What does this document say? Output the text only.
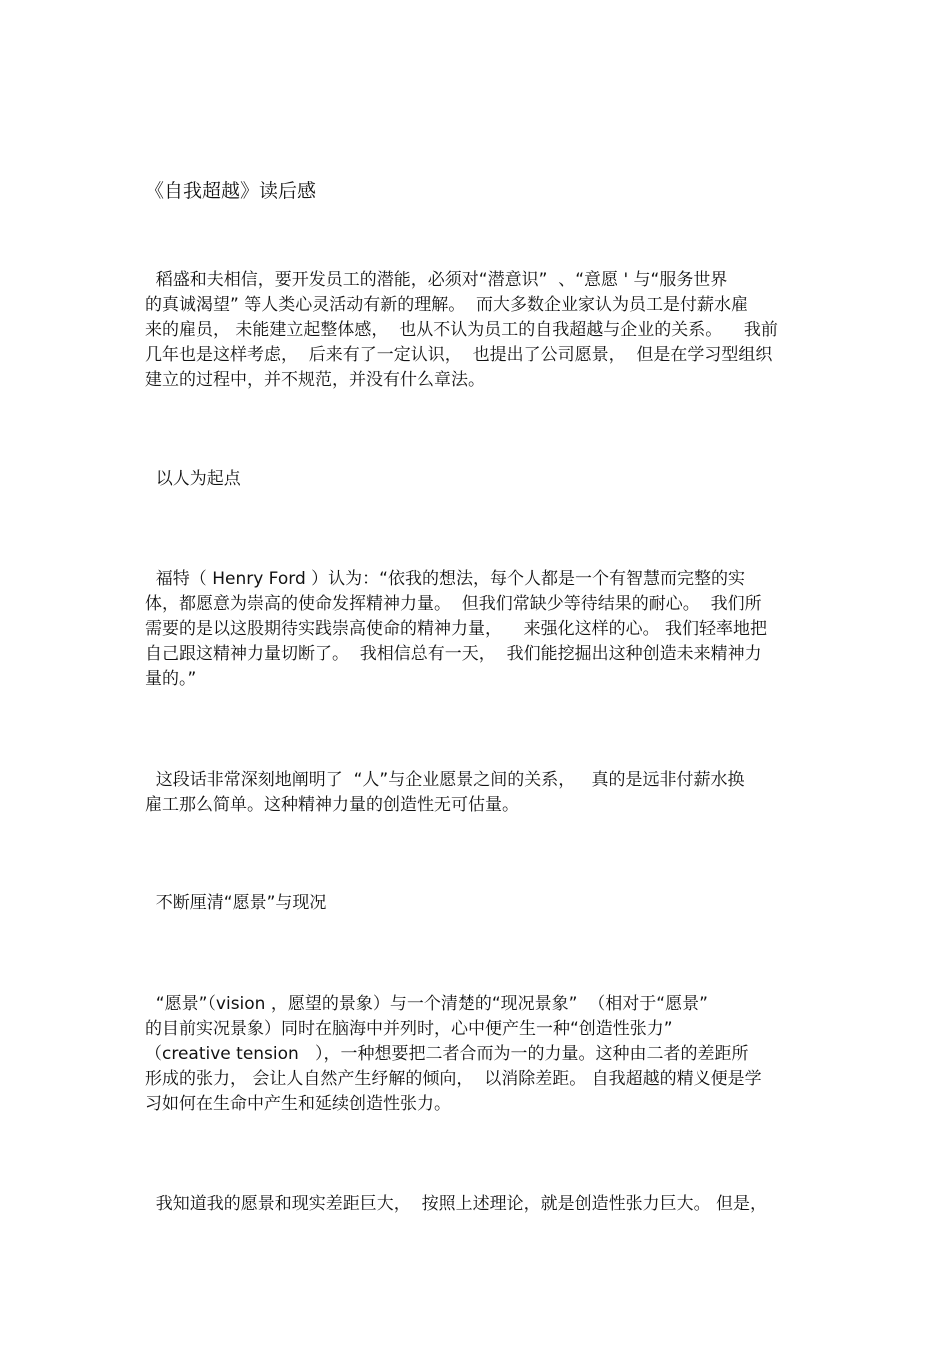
《自我超越》读后感
稻盛和夫相信，要开发员工的潜能，必须对“潜意识”  、“意愿 ' 与“服务世界
的真诚渴望” 等人类心灵活动有新的理解。  而大多数企业家认为员工是付薪水雇
来的雇员， 未能建立起整体感，  也从不认为员工的自我超越与企业的关系。    我前
几年也是这样考虑，  后来有了一定认识，  也提出了公司愿景，  但是在学习型组织
建立的过程中，并不规范，并没有什么章法。
以人为起点
福特（ Henry Ford ）认为：“依我的想法，每个人都是一个有智慧而完整的实
体，都愿意为崇高的使命发挥精神力量。  但我们常缺少等待结果的耐心。  我们所
需要的是以这股期待实践崇高使命的精神力量，    来强化这样的心。 我们轻率地把
自己跟这精神力量切断了。  我相信总有一天，  我们能挖掘出这种创造未来精神力
量的。”
这段话非常深刻地阐明了  “人”与企业愿景之间的关系，   真的是远非付薪水换
雇工那么简单。这种精神力量的创造性无可估量。
不断厘清“愿景”与现况
“愿景”（vision ，愿望的景象）与一个清楚的“现况景象”  （相对于“愿景”
的目前实况景象）同时在脑海中并列时，心中便产生一种“创造性张力”
（creative tension   ），一种想要把二者合而为一的力量。这种由二者的差距所
形成的张力， 会让人自然产生纾解的倾向，  以消除差距。 自我超越的精义便是学
习如何在生命中产生和延续创造性张力。
我知道我的愿景和现实差距巨大，  按照上述理论，就是创造性张力巨大。 但是，
